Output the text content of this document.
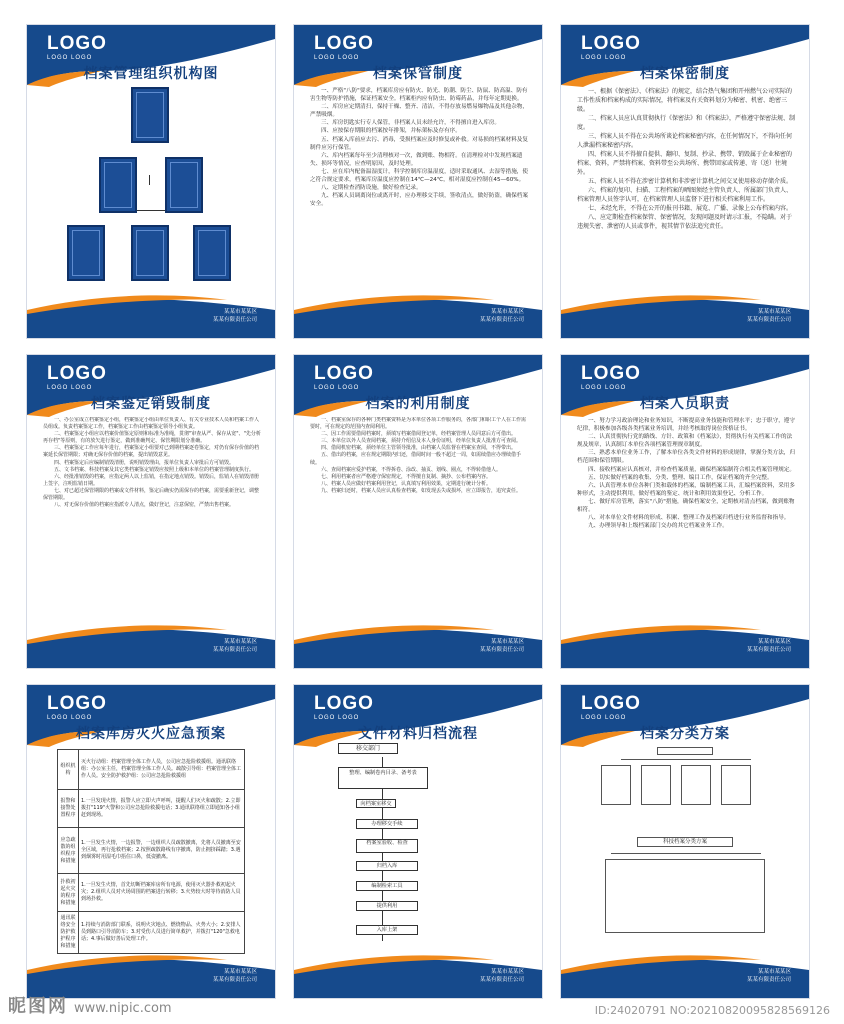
LOGO
LOGO LOGO
档案管理组织机构图
某某市某某区
某某有限责任公司
LOGO
LOGO LOGO
档案保管制度

一、严格"八防"要求，档案库房应有防火、防光、防潮、防尘、防鼠、防高温、防有害生物等防护措施，保证档案安全。档案柜内应有防虫、防霉药品，并每年定期更换。

二、库房应定期清扫，保持干燥、整齐、清洁，不得存放易燃易爆物品及其他杂物，严禁吸烟。

三、库房钥匙实行专人保管，非档案人员未经允许，不得擅自进入库房。

四、应按保存期限的档案按年排架，并标架标及存有序。

五、档案入库前应去污、消毒，受损档案应及时修复或补救。对易损的档案材料及复制件应另行保管。

六、库内档案每年至少清理核对一次，做到账、物相符。在清理检对中发现档案遗失、损坏等情况，应查明原因，及时处理。

七、应在库内配备温湿度计，科学控制库房温湿度，适时采取通风、去湿等措施，使之符合规定要求，档案库房温度应控制在14℃—24℃，相对湿度应控制在45—60%。

八、定期检查消防设施，做好检查记录。

九、档案人员调离岗位或离开时，应办理移交手续，签收清点，做好防盗，确保档案安全。

某某市某某区
某某有限责任公司
LOGO
LOGO LOGO
档案保密制度

一、根据《保密法》、《档案法》的规定，结合热气集团和开州燃气公司实际的工作性质和档案构成的实际情况，将档案及有关资料划分为秘密、机密、绝密三级。

二、档案人员应认真贯彻执行《保密法》和《档案法》，严格遵守保密法规、制度。

三、档案人员不得在公共场所谈论档案秘密内容，在任何情况下，不得向任何人泄漏档案秘密内容。

四、档案人员不得擅自提供、翻印、复制、抄录、携带、销毁属于企业秘密的档案、资料，严禁将档案、资料带至公共场所、携带回家或传递、寄（送）往境外。

五、档案人员不得在涉密计算机和非涉密计算机之间交叉使用移动存储介质。

六、档案的复印、扫描、工程档案的晒图须经主管负责人、所属部门负责人、档案管理人员签字认可，在档案管理人员监督下进行相关档案利用工作。

七、未经允许，不得在公开的报刊书籍、展览、广播、录像上公布档案内容。

八、应定期检查档案保管、保密情况，发现问题及时请示汇报，不隐瞒。对于违规失密、泄密的人员或事件，视其情节依法追究责任。

某某市某某区
某某有限责任公司
LOGO
LOGO LOGO
档案鉴定销毁制度

一、办公室成立档案鉴定小组，档案鉴定小组由单位负责人、有关专业技术人员和档案工作人员组成。负责档案鉴定工作，档案鉴定工作由档案鉴定领导小组负责。

二、档案鉴定小组应以档案价值鉴定原则和标准为准绳，贯彻"审查从严、保存从宽"、"先分析再存档"等原则，有的放矢进行鉴定，做到准确判定、保管期限划分准确。

三、档案鉴定工作应每年进行，档案鉴定小组要对已到期档案逐卷鉴定，对仍有保存价值的档案延长保管期限；对确无保存价值的档案，提出销毁意见。

四、档案鉴定后应编制销毁清册，说明销毁理由，报单位负责人审批后方可销毁。

五、文书档案、科技档案及其它类档案鉴定销毁应按照上级和本单位的档案管理制度执行。

六、经批准销毁的档案，应指定两人以上监销，在指定地点销毁。销毁后，监销人在销毁清册上签字，注明监销日期。

七、对已超过保管期限的档案或文件材料，鉴定后确实仍需保存的档案，需要重新登记，调整保管期限。

八、对无保存价值的档案应指派专人清点，做好登记，注意保密，严禁出售档案。

某某市某某区
某某有限责任公司
LOGO
LOGO LOGO
档案的利用制度

一、档案室保存的各种门类档案资料是为本单位各项工作服务的，各部门和职工个人在工作需要时，可在规定的范围内查阅利用。

二、因工作需要借阅档案时，须填写档案借阅登记单，经档案管理人员同意后方可借出。

三、本单位以外人员查阅档案，须持介绍信及本人身份证明，经单位负责人批准方可查阅。

四、借阅机密档案，须经单位主管领导批准，由档案人员监督在档案室查阅，不得带出。

五、借出的档案，应在规定期限内归还，借阅时间一般不超过一周，如需续借应办理续借手续。

六、查阅档案应爱护档案，不得拆卷、涂改、抽页、划线、圈点，不得转借他人。

七、利用档案者应严格遵守保密规定，不得擅自复制、摘抄、公布档案内容。

八、档案人员应做好档案利用登记，认真填写利用效果，定期进行统计分析。

九、档案归还时，档案人员应认真检查档案，如发现丢失或损坏，应立即报告，追究责任。

某某市某某区
某某有限责任公司
LOGO
LOGO LOGO
档案人员职责

一、努力学习政治理论和业务知识，不断提高业务技能和管理水平；忠于职守，遵守纪律，积极参加各级各类档案业务培训，并经考核取得岗位资格证书。

二、认真贯彻执行党的路线、方针、政策和《档案法》，贯彻执行有关档案工作的法规及规章，认真制订本单位各项档案管理规章制度。

三、熟悉本单位业务工作，了解本单位各类文件材料的形成规律，掌握分类方法，归档范围和保管期限。

四、接收档案应认真核对，并检查档案质量，确保档案编制符合相关档案管理规定。

五、切实做好档案的收集、分类、整理、编目工作，保证档案的齐全完整。

六、认真管理本单位各种门类和载体的档案，编制档案工具，汇编档案资料，采用多种形式，主动提供利用，做好档案的鉴定、统计和利用效果登记、分析工作。

七、做好库房管理，落实"八防"措施，确保档案安全，定期核对清点档案，做到账物相符。

八、对本单位文件材料的形成、积累、整理工作及档案归档进行业务监督和指导。

九、办理领导和上级档案部门交办的其它档案业务工作。

某某市某某区
某某有限责任公司
LOGO
LOGO LOGO
档案库房灭火应急预案
组织机构	灭火行动组：档案管理全体工作人员，公司应急抢险救援组。通讯联络组：办公室主任，档案管理全体工作人员。疏散引导组：档案管理全体工作人员。安全防护救护组：公司应急抢险救援组
报警和接警处置程序	1.一旦发现火情，报警人应立即大声呼叫，提醒人们灭火和疏散；2.立即拨打"119"火警和公司应急抢险救援电话；3.通讯联络组立即通知各小组赶到现场。
应急疏散的组织程序和措施	1.一旦发生火情，一边报警，一边组织人员疏散撤离，先将人员撤离至安全区域，再行抢救档案；2.按照疏散路线有序撤离，防止拥挤踩踏；3.遇到烟雾时用湿毛巾捂住口鼻，低姿撤离。
扑救初起火灾的程序和措施	1.一旦发生火情，首先切断档案库房所有电源，使用灭火器扑救初起火灾；2.组织人员对火场周围的档案进行转移；3.火势较大时等待消防人员到场扑救。
通讯联络安全防护救护程序和措施	1.持续与消防部门联系，说明火灾地点、燃烧物品、火势大小；2.安排人员到路口引导消防车；3.对受伤人员进行简单救护，并拨打"120"急救电话；4.事后做好善后处理工作。
某某市某某区
某某有限责任公司
LOGO
LOGO LOGO
文件材料归档流程
移交部门
整理、编制卷内目录、备考表
向档案室移交
办理移交手续
档案室验收、检查
归档入库
编制检索工具
提供利用
入库上架
某某市某某区
某某有限责任公司
LOGO
LOGO LOGO
档案分类方案
科技档案分类方案
某某市某某区
某某有限责任公司
昵图网 www.nipic.com	ID:24020791 NO:20210820095828569126
